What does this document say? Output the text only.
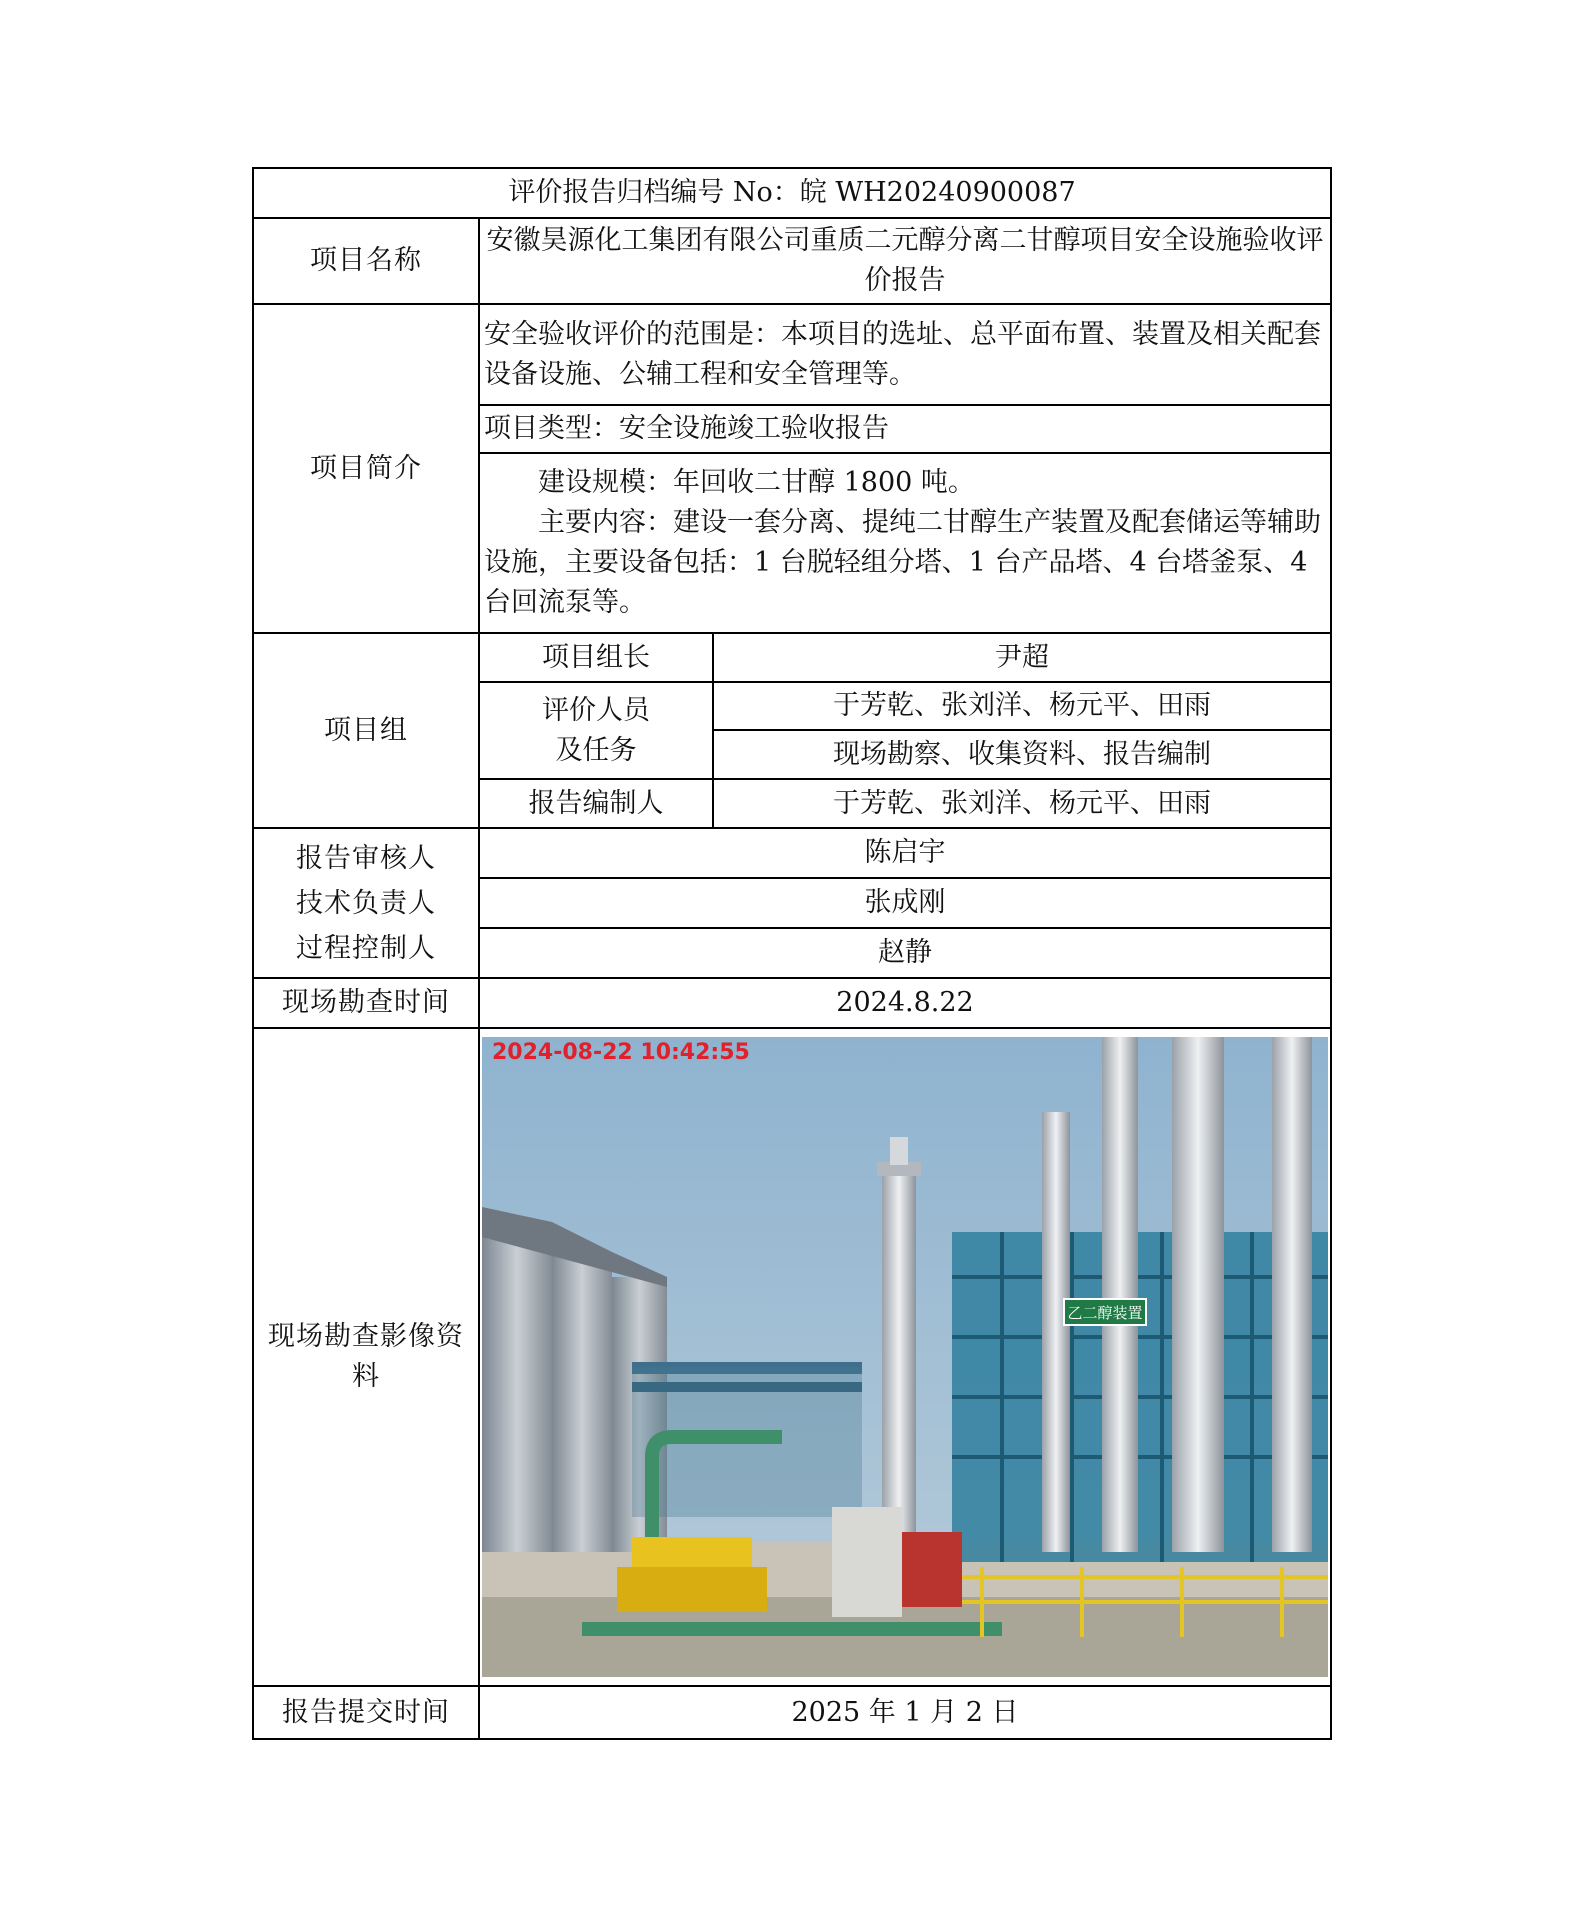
评价报告归档编号 No：皖 WH20240900087		
项目名称	安徽昊源化工集团有限公司重质二元醇分离二甘醇项目安全设施验收评价报告	
项目简介	安全验收评价的范围是：本项目的选址、总平面布置、装置及相关配套设备设施、公辅工程和安全管理等。	
	项目类型：安全设施竣工验收报告	

	建设规模：年回收二甘醇 1800 吨。
主要内容：建设一套分离、提纯二甘醇生产装置及配套储运等辅助设施，主要设备包括：1 台脱轻组分塔、1 台产品塔、4 台塔釜泵、4 台回流泵等。	

项目组	项目组长	尹超

	评价人员
及任务	于芳乾、张刘洋、杨元平、田雨
		现场勘察、收集资料、报告编制
	报告编制人	于芳乾、张刘洋、杨元平、田雨

报告审核人
技术负责人
过程控制人	陈启宇	
	张成刚	
	赵静	
现场勘查时间	2024.8.22	
现场勘查影像资料	乙二醇装置
2024-08-22 10:42:55	

报告提交时间	2025 年 1 月 2 日	
